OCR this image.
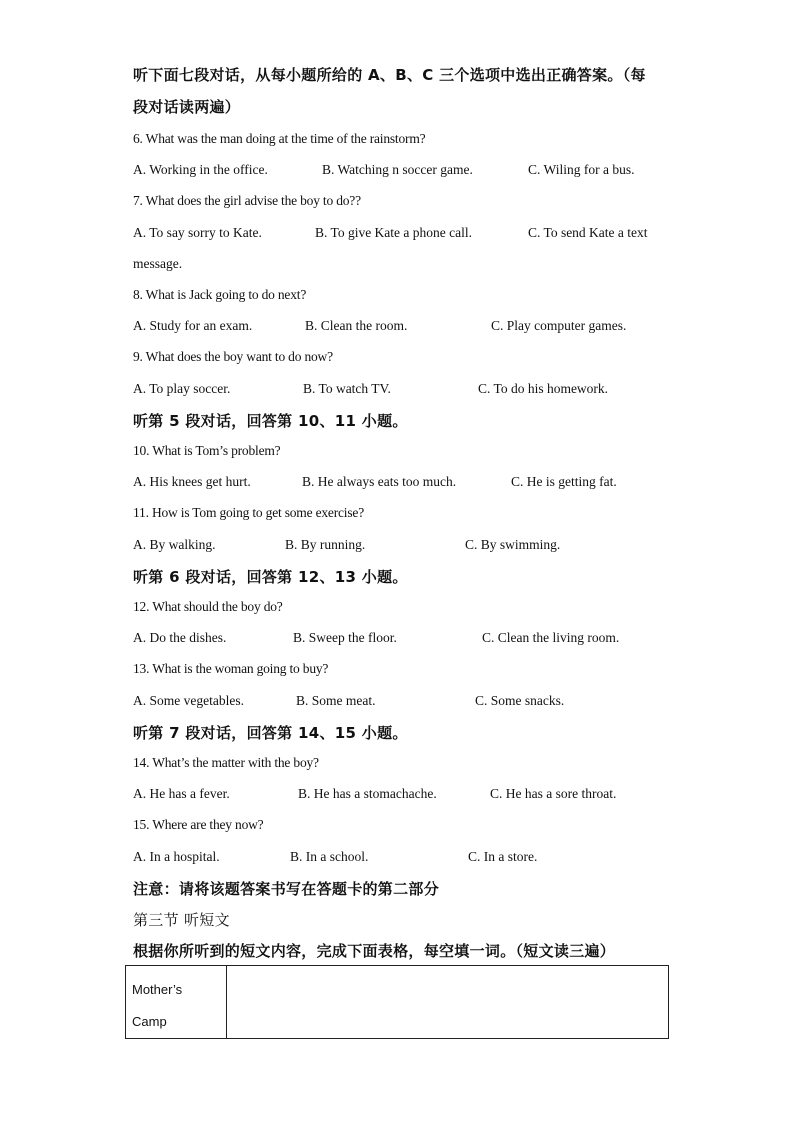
听下面七段对话，从每小题所给的 A、B、C 三个选项中选出正确答案。（每
段对话读两遍）
6. What was the man doing at the time of the rainstorm?
A. Working in the office.	B. Watching n soccer game.	C. Wiling for a bus.
7. What does the girl advise the boy to do??
A. To say sorry to Kate.	B. To give Kate a phone call.	C. To send Kate a text
message.
8. What is Jack going to do next?
A. Study for an exam.	B. Clean the room.	C. Play computer games.
9. What does the boy want to do now?
A. To play soccer.	B. To watch TV.	C. To do his homework.
听第 5 段对话，回答第 10、11 小题。
10. What is Tom’s problem?
A. His knees get hurt.	B. He always eats too much.	C. He is getting fat.
11. How is Tom going to get some exercise?
A. By walking.	B. By running.	C. By swimming.
听第 6 段对话，回答第 12、13 小题。
12. What should the boy do?
A. Do the dishes.	B. Sweep the floor.	C. Clean the living room.
13. What is the woman going to buy?
A. Some vegetables.	B. Some meat.	C. Some snacks.
听第 7 段对话，回答第 14、15 小题。
14. What’s the matter with the boy?
A. He has a fever.	B. He has a stomachache.	C. He has a sore throat.
15. Where are they now?
A. In a hospital.	B. In a school.	C. In a store.
注意：请将该题答案书写在答题卡的第二部分
第三节 听短文
根据你所听到的短文内容，完成下面表格，每空填一词。（短文读三遍）
Mother’s
Camp
